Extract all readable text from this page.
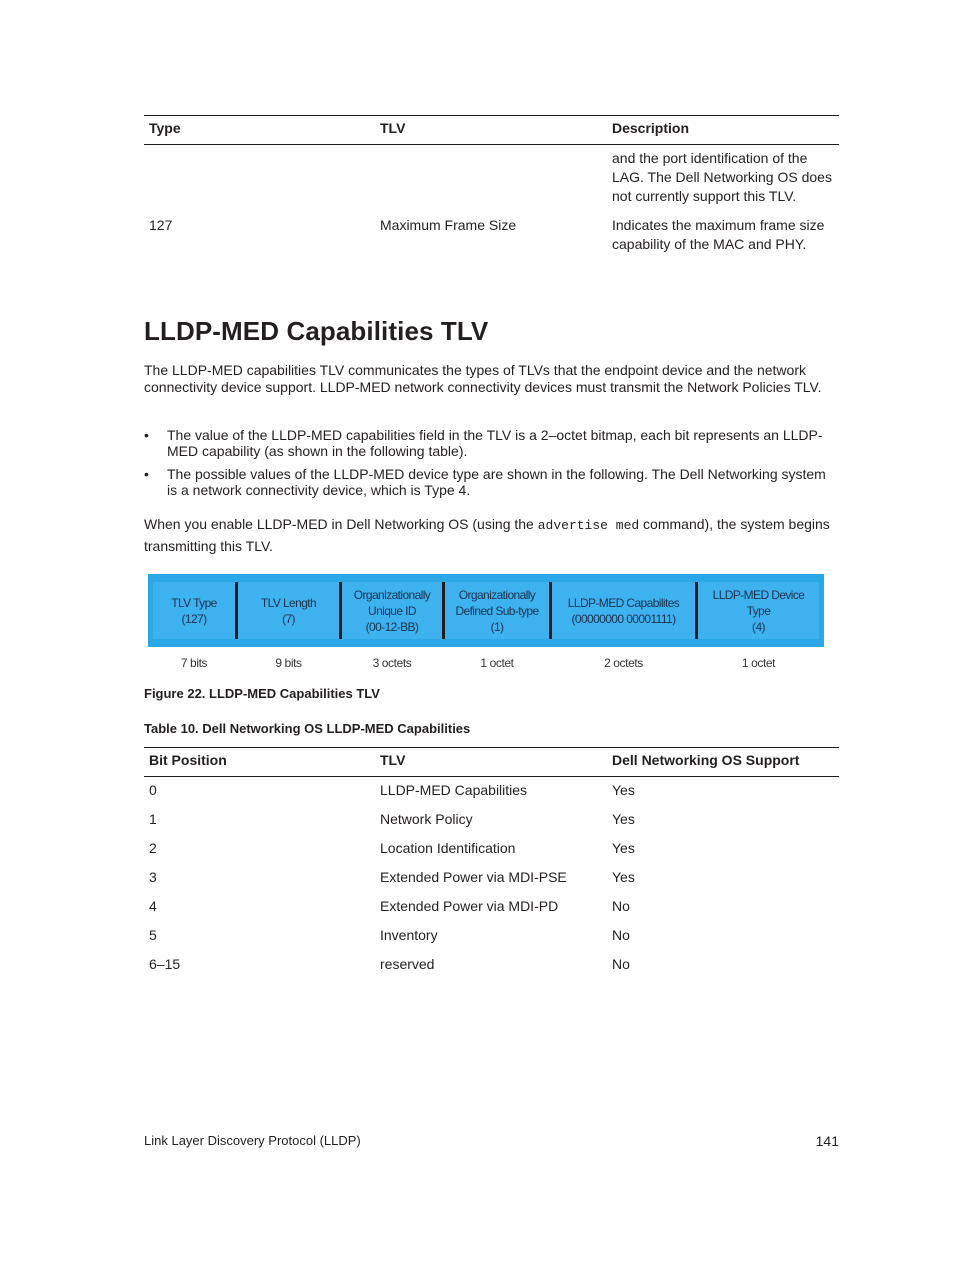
Type	TLV	Description
		and the port identification of the LAG. The Dell Networking OS does not currently support this TLV.
127	Maximum Frame Size	Indicates the maximum frame size capability of the MAC and PHY.
LLDP-MED Capabilities TLV

The LLDP-MED capabilities TLV communicates the types of TLVs that the endpoint device and the network connectivity device support. LLDP-MED network connectivity devices must transmit the Network Policies TLV.

• The value of the LLDP-MED capabilities field in the TLV is a 2–octet bitmap, each bit represents an LLDP-MED capability (as shown in the following table).
• The possible values of the LLDP-MED device type are shown in the following. The Dell Networking system is a network connectivity device, which is Type 4.

When you enable LLDP-MED in Dell Networking OS (using the advertise med command), the system begins transmitting this TLV.

TLV Type
(127)
TLV Length
(7)
Organizationally
Unique ID
(00-12-BB)
Organizationally
Defined Sub-type
(1)
LLDP-MED Capabilites
(00000000 00001111)
LLDP-MED Device
Type
(4)
7 bits	9 bits	3 octets	1 octet	2 octets	1 octet

Figure 22. LLDP-MED Capabilities TLV

Table 10. Dell Networking OS LLDP-MED Capabilities

Bit Position	TLV	Dell Networking OS Support
0	LLDP-MED Capabilities	Yes
1	Network Policy	Yes
2	Location Identification	Yes
3	Extended Power via MDI-PSE	Yes
4	Extended Power via MDI-PD	No
5	Inventory	No
6–15	reserved	No
Link Layer Discovery Protocol (LLDP)	141
